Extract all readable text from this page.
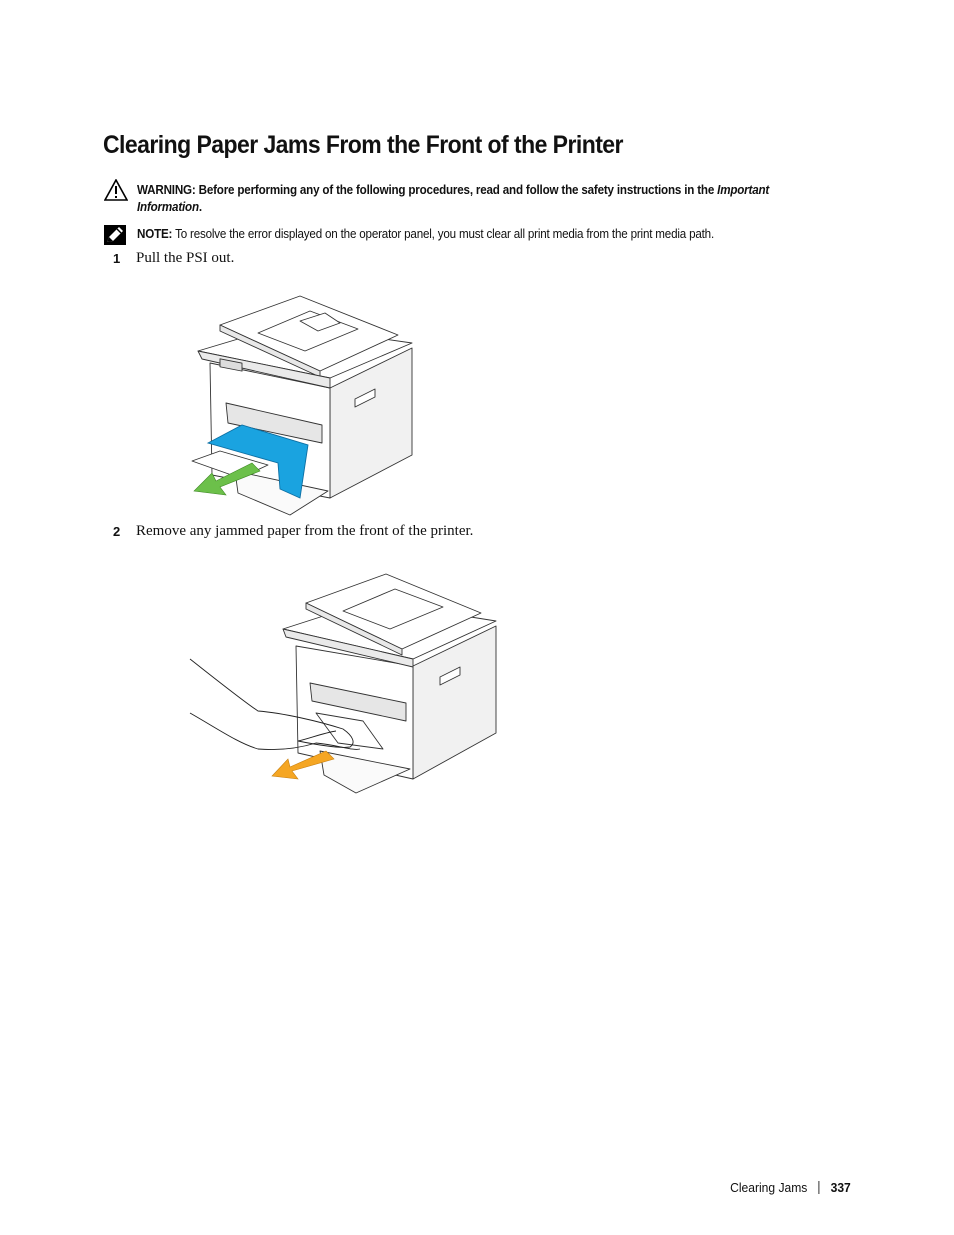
Clearing Paper Jams From the Front of the Printer
WARNING: Before performing any of the following procedures, read and follow the safety instructions in the Important Information.
NOTE: To resolve the error displayed on the operator panel, you must clear all print media from the print media path.
1 Pull the PSI out.
2 Remove any jammed paper from the front of the printer.
Clearing Jams 337
